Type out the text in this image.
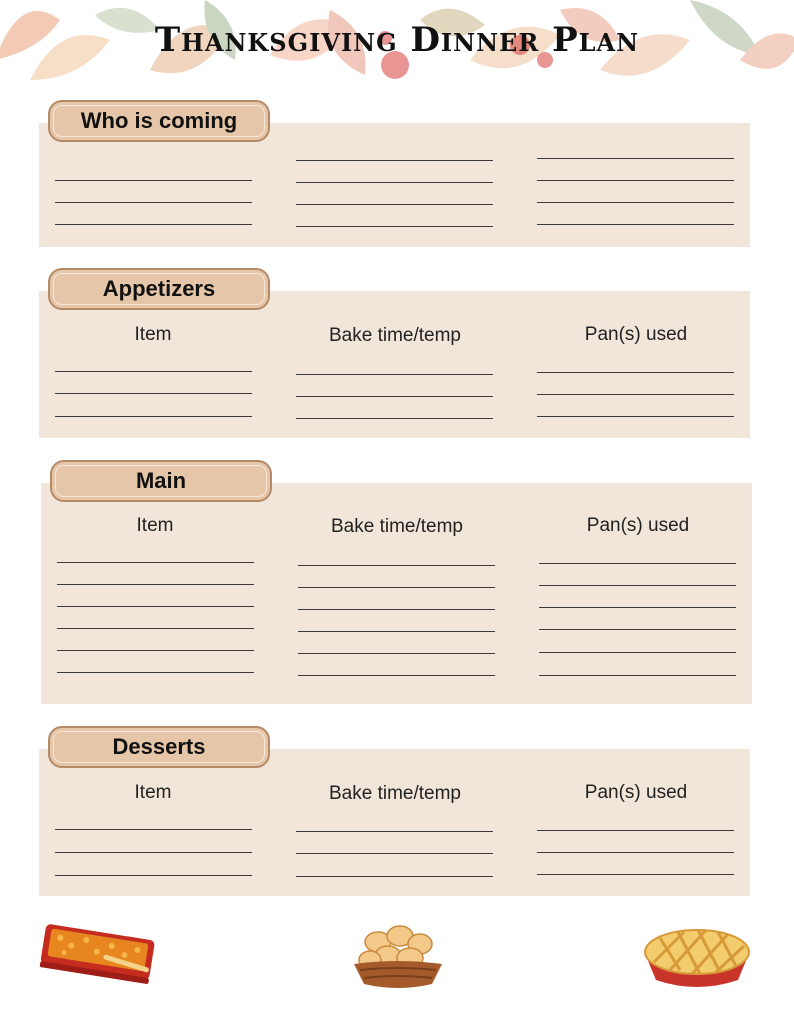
Thanksgiving Dinner Plan
Who is coming
Appetizers
Item	Bake time/temp	Pan(s) used
Main
Item	Bake time/temp	Pan(s) used
Desserts
Item	Bake time/temp	Pan(s) used
